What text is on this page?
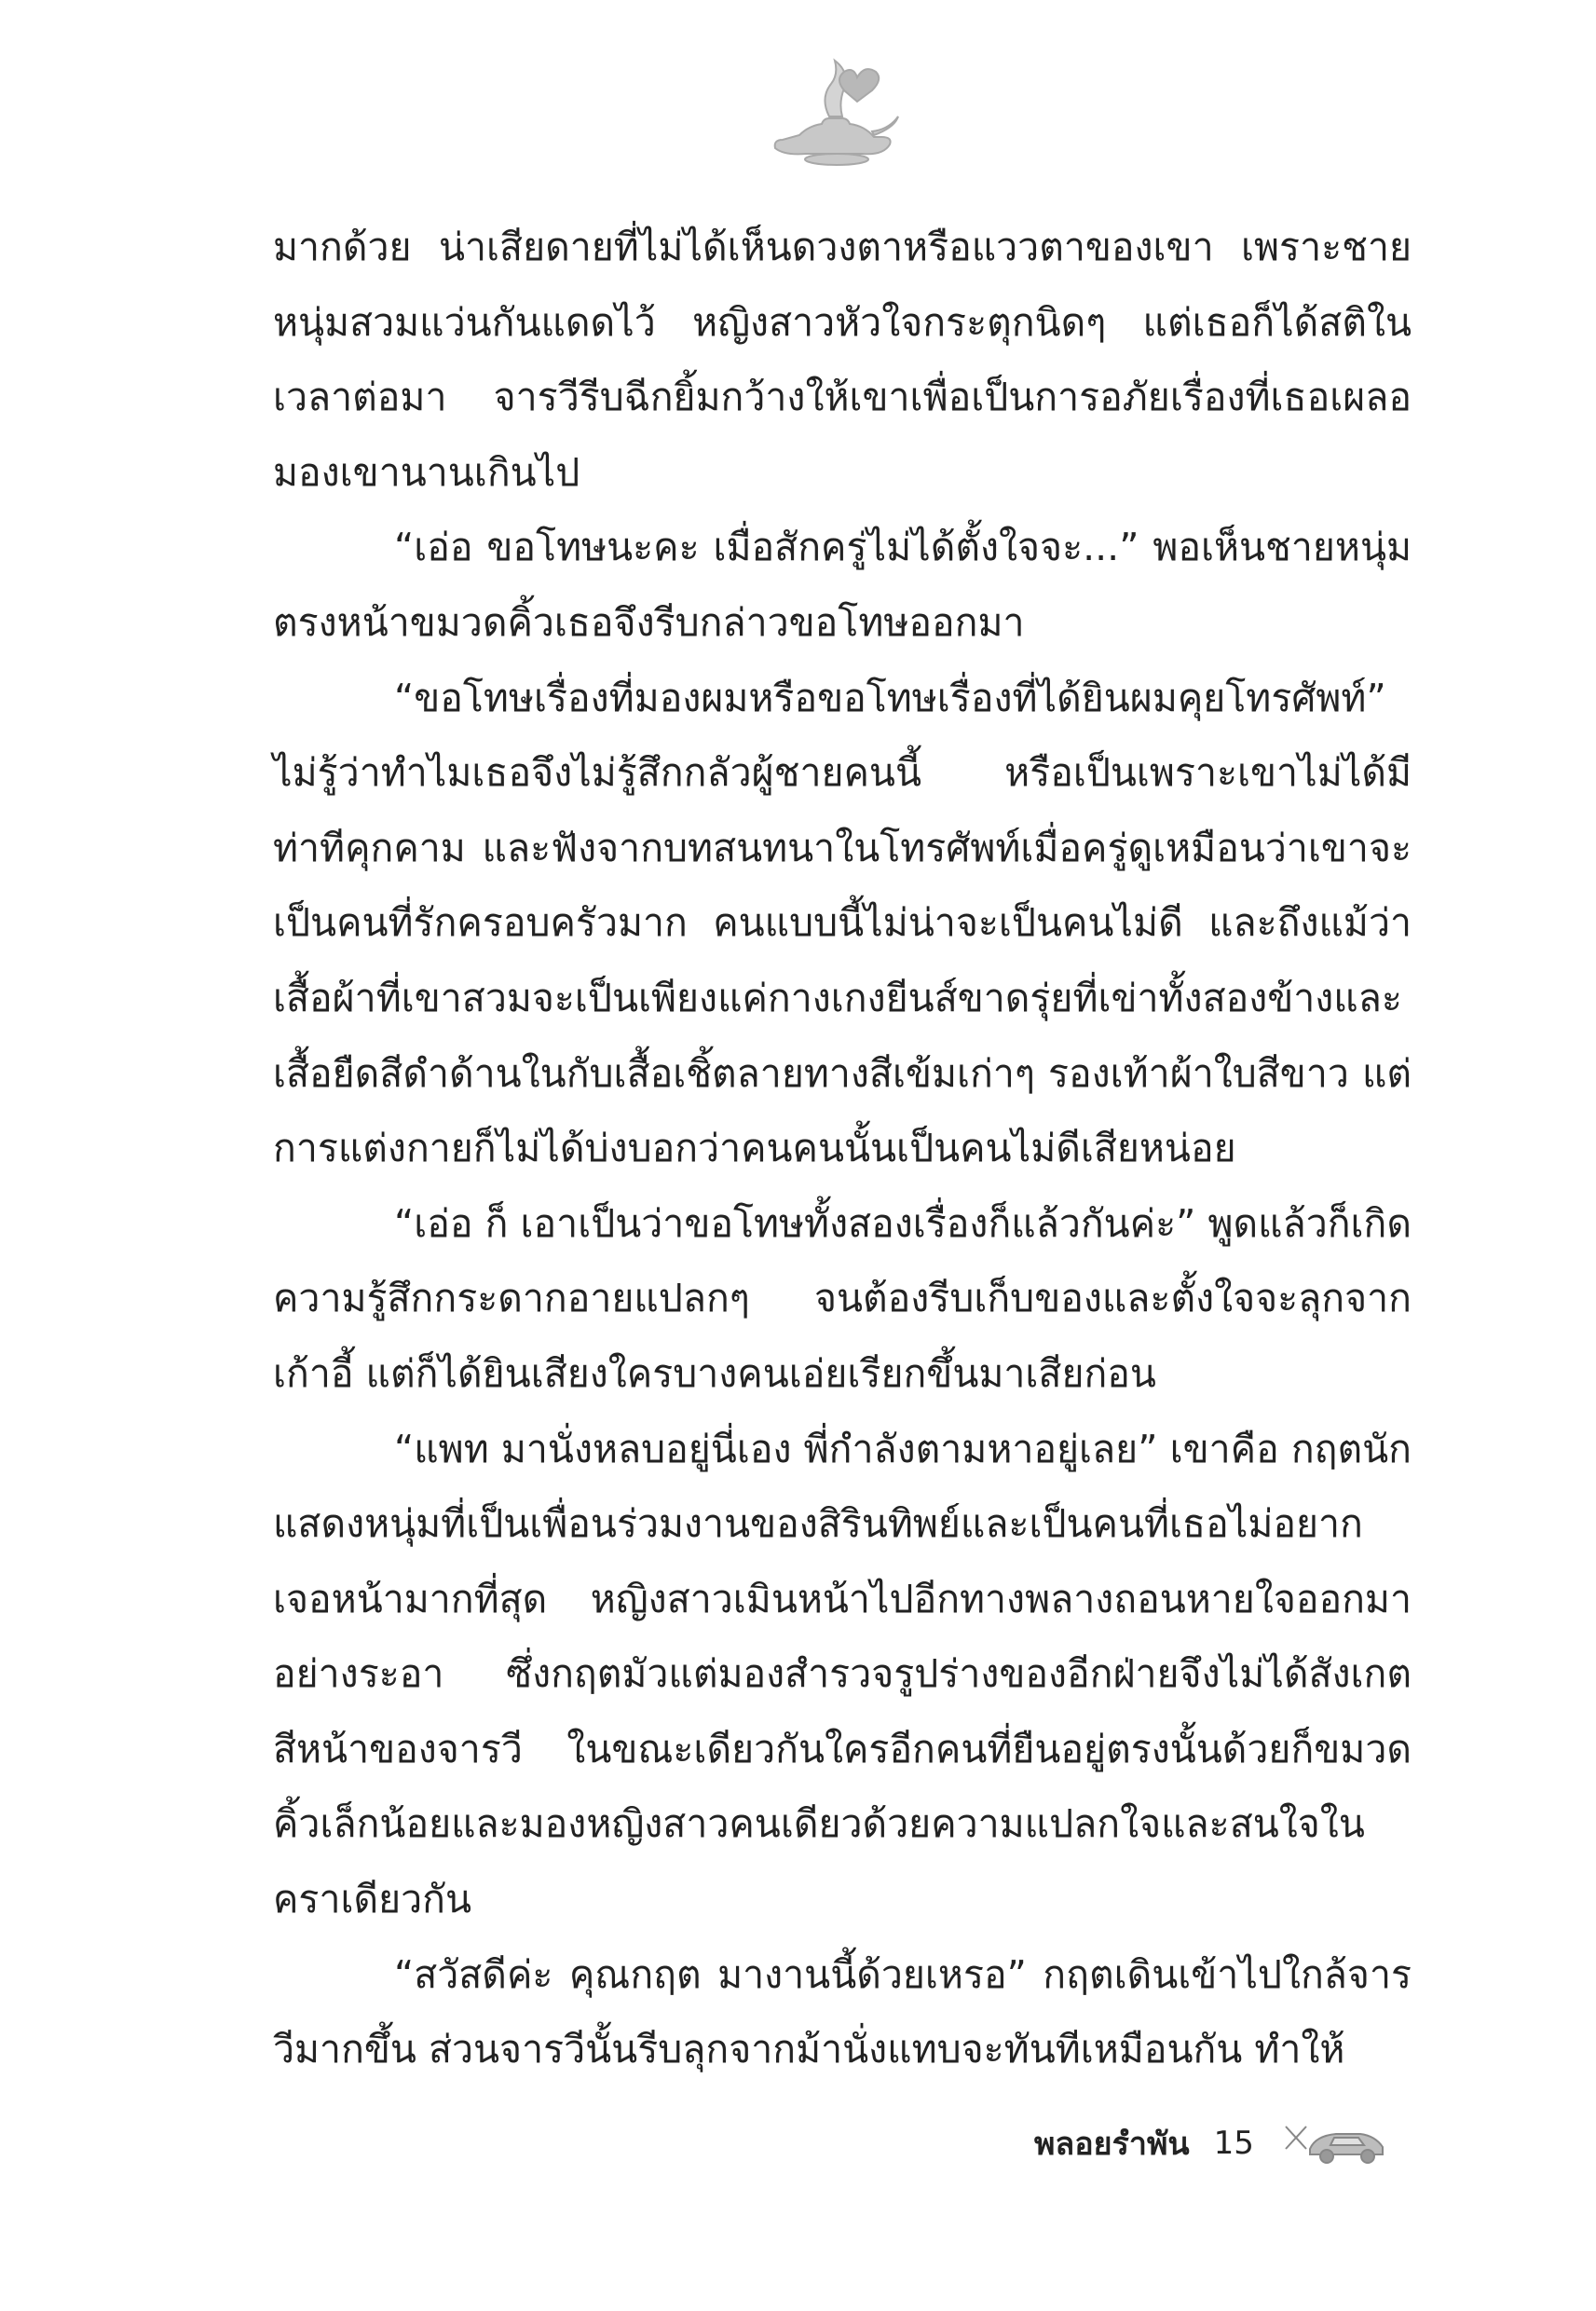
มากด้วย น่าเสียดายที่ไม่ได้เห็นดวงตาหรือแววตาของเขา เพราะชายหนุ่มสวมแว่นกันแดดไว้ หญิงสาวหัวใจกระตุกนิดๆ แต่เธอก็ได้สติในเวลาต่อมา จารวีรีบฉีกยิ้มกว้างให้เขาเพื่อเป็นการอภัยเรื่องที่เธอเผลอมองเขานานเกินไป

“เอ่อ ขอโทษนะคะ เมื่อสักครู่ไม่ได้ตั้งใจจะ...” พอเห็นชายหนุ่มตรงหน้าขมวดคิ้วเธอจึงรีบกล่าวขอโทษออกมา

“ขอโทษเรื่องที่มองผมหรือขอโทษเรื่องที่ได้ยินผมคุยโทรศัพท์” ไม่รู้ว่าทำไมเธอจึงไม่รู้สึกกลัวผู้ชายคนนี้ หรือเป็นเพราะเขาไม่ได้มีท่าทีคุกคาม และฟังจากบทสนทนาในโทรศัพท์เมื่อครู่ดูเหมือนว่าเขาจะเป็นคนที่รักครอบครัวมาก คนแบบนี้ไม่น่าจะเป็นคนไม่ดี และถึงแม้ว่าเสื้อผ้าที่เขาสวมจะเป็นเพียงแค่กางเกงยีนส์ขาดรุ่ยที่เข่าทั้งสองข้างและเสื้อยืดสีดำด้านในกับเสื้อเชิ้ตลายทางสีเข้มเก่าๆ รองเท้าผ้าใบสีขาว แต่การแต่งกายก็ไม่ได้บ่งบอกว่าคนคนนั้นเป็นคนไม่ดีเสียหน่อย

“เอ่อ ก็ เอาเป็นว่าขอโทษทั้งสองเรื่องก็แล้วกันค่ะ” พูดแล้วก็เกิดความรู้สึกกระดากอายแปลกๆ จนต้องรีบเก็บของและตั้งใจจะลุกจากเก้าอี้ แต่ก็ได้ยินเสียงใครบางคนเอ่ยเรียกขึ้นมาเสียก่อน

“แพท มานั่งหลบอยู่นี่เอง พี่กำลังตามหาอยู่เลย” เขาคือ กฤตนักแสดงหนุ่มที่เป็นเพื่อนร่วมงานของสิรินทิพย์และเป็นคนที่เธอไม่อยากเจอหน้ามากที่สุด หญิงสาวเมินหน้าไปอีกทางพลางถอนหายใจออกมาอย่างระอา ซึ่งกฤตมัวแต่มองสำรวจรูปร่างของอีกฝ่ายจึงไม่ได้สังเกตสีหน้าของจารวี ในขณะเดียวกันใครอีกคนที่ยืนอยู่ตรงนั้นด้วยก็ขมวดคิ้วเล็กน้อยและมองหญิงสาวคนเดียวด้วยความแปลกใจและสนใจในคราเดียวกัน

“สวัสดีค่ะ คุณกฤต มางานนี้ด้วยเหรอ” กฤตเดินเข้าไปใกล้จารวีมากขึ้น ส่วนจารวีนั้นรีบลุกจากม้านั่งแทบจะทันทีเหมือนกัน ทำให้

พลอยรำพัน 15
